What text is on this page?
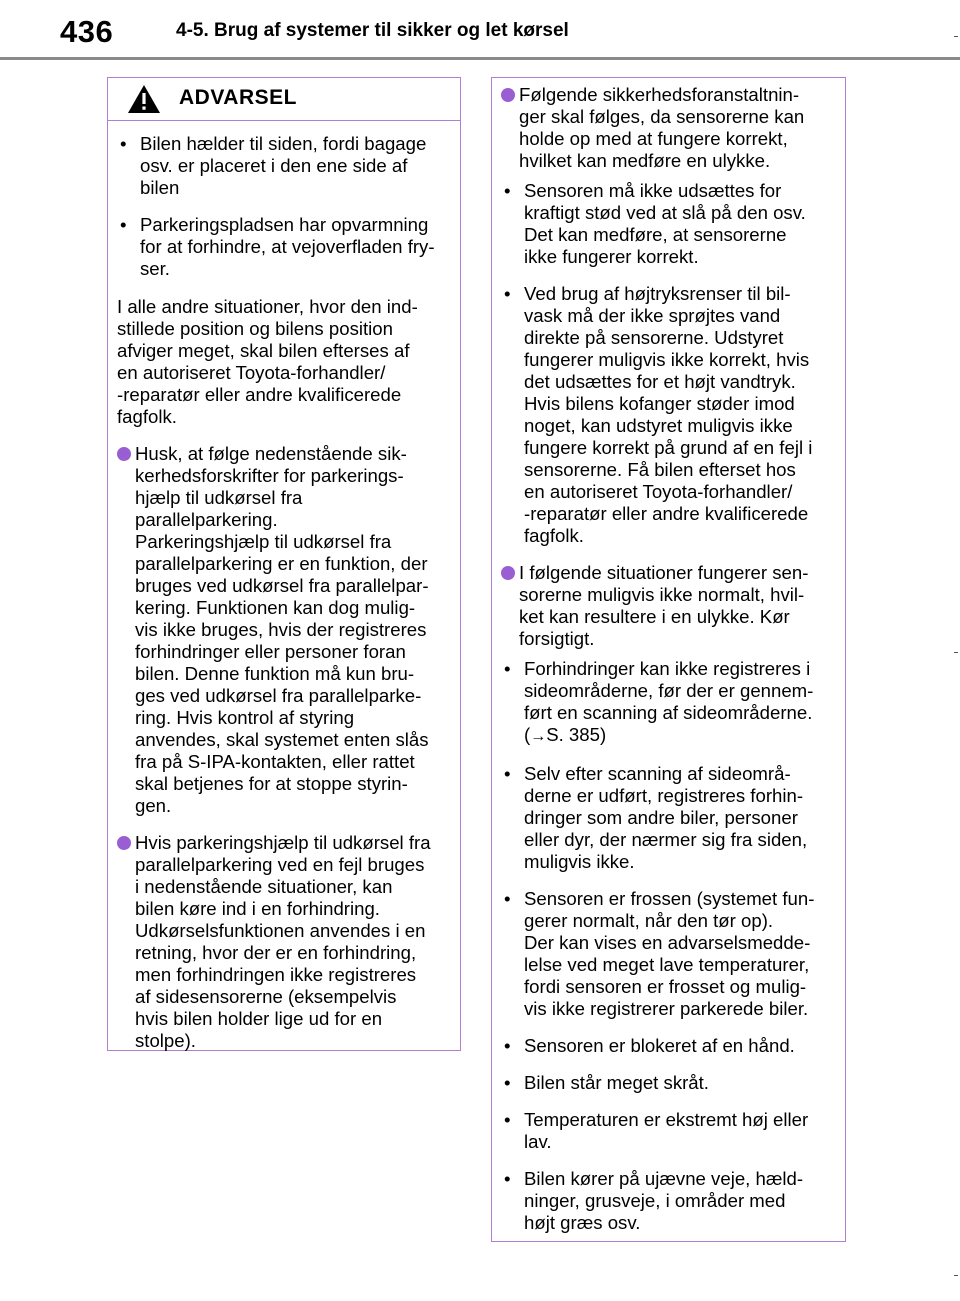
436	4-5. Brug af systemer til sikker og let kørsel
ADVARSEL
• Bilen hælder til siden, fordi bagage
osv. er placeret i den ene side af
bilen
• Parkeringspladsen har opvarmning
for at forhindre, at vejoverfladen fry-
ser.
I alle andre situationer, hvor den ind-
stillede position og bilens position
afviger meget, skal bilen efterses af
en autoriseret Toyota-forhandler/
-reparatør eller andre kvalificerede
fagfolk.
Husk, at følge nedenstående sik-
kerhedsforskrifter for parkerings-
hjælp til udkørsel fra
parallelparkering.
Parkeringshjælp til udkørsel fra
parallelparkering er en funktion, der
bruges ved udkørsel fra parallelpar-
kering. Funktionen kan dog mulig-
vis ikke bruges, hvis der registreres
forhindringer eller personer foran
bilen. Denne funktion må kun bru-
ges ved udkørsel fra parallelparke-
ring. Hvis kontrol af styring
anvendes, skal systemet enten slås
fra på S-IPA-kontakten, eller rattet
skal betjenes for at stoppe styrin-
gen.
Hvis parkeringshjælp til udkørsel fra
parallelparkering ved en fejl bruges
i nedenstående situationer, kan
bilen køre ind i en forhindring.
Udkørselsfunktionen anvendes i en
retning, hvor der er en forhindring,
men forhindringen ikke registreres
af sidesensorerne (eksempelvis
hvis bilen holder lige ud for en
stolpe).
Følgende sikkerhedsforanstaltnin-
ger skal følges, da sensorerne kan
holde op med at fungere korrekt,
hvilket kan medføre en ulykke.
• Sensoren må ikke udsættes for
kraftigt stød ved at slå på den osv.
Det kan medføre, at sensorerne
ikke fungerer korrekt.
• Ved brug af højtryksrenser til bil-
vask må der ikke sprøjtes vand
direkte på sensorerne. Udstyret
fungerer muligvis ikke korrekt, hvis
det udsættes for et højt vandtryk.
Hvis bilens kofanger støder imod
noget, kan udstyret muligvis ikke
fungere korrekt på grund af en fejl i
sensorerne. Få bilen efterset hos
en autoriseret Toyota-forhandler/
-reparatør eller andre kvalificerede
fagfolk.
I følgende situationer fungerer sen-
sorerne muligvis ikke normalt, hvil-
ket kan resultere i en ulykke. Kør
forsigtigt.
• Forhindringer kan ikke registreres i
sideområderne, før der er gennem-
ført en scanning af sideområderne.
(→S. 385)
• Selv efter scanning af sideområ-
derne er udført, registreres forhin-
dringer som andre biler, personer
eller dyr, der nærmer sig fra siden,
muligvis ikke.
• Sensoren er frossen (systemet fun-
gerer normalt, når den tør op).
Der kan vises en advarselsmedde-
lelse ved meget lave temperaturer,
fordi sensoren er frosset og mulig-
vis ikke registrerer parkerede biler.
• Sensoren er blokeret af en hånd.
• Bilen står meget skråt.
• Temperaturen er ekstremt høj eller
lav.
• Bilen kører på ujævne veje, hæld-
ninger, grusveje, i områder med
højt græs osv.
